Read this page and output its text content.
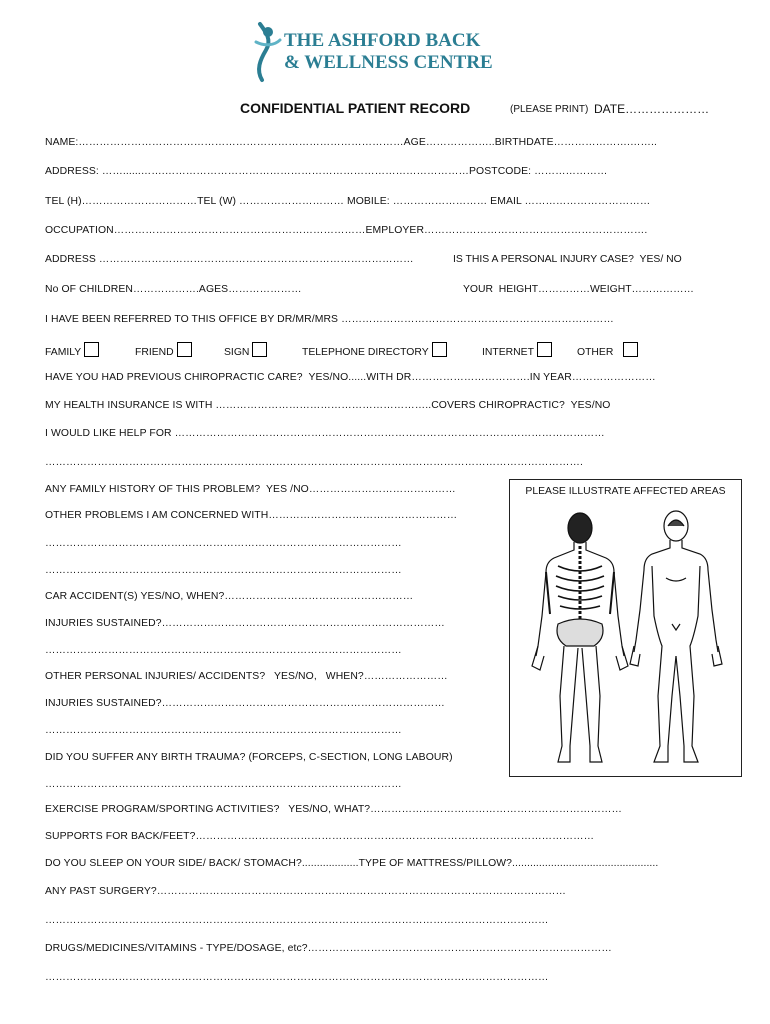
THE ASHFORD BACK
& WELLNESS CENTRE
CONFIDENTIAL PATIENT RECORD	(PLEASE PRINT) DATE…………………
NAME:…………………………………………………………………………………AGE………………..BIRTHDATE………………….……..
ADDRESS: ……......…….……………………………………………………………………………POSTCODE: …………………
TEL (H)……………………………TEL (W) ………………………… MOBILE: ……………………… EMAIL ………………………………
OCCUPATION………………………………………………………………EMPLOYER……………………………………………………….
ADDRESS ………………………………………………………………………………	IS THIS A PERSONAL INJURY CASE?  YES/ NO
No OF CHILDREN……………….AGES…………………	YOUR  HEIGHT……………WEIGHT………………
I HAVE BEEN REFERRED TO THIS OFFICE BY DR/MR/MRS ……………………………………………………………………
FAMILY	FRIEND	SIGN	TELEPHONE DIRECTORY	INTERNET	OTHER
HAVE YOU HAD PREVIOUS CHIROPRACTIC CARE?  YES/NO......WITH DR…………………………….IN YEAR……………………
MY HEALTH INSURANCE IS WITH ……………………………………………………..COVERS CHIROPRACTIC?  YES/NO
I WOULD LIKE HELP FOR ……………………………………………………………………………………………………………
……………………………………………………………………………………………………………………………………….
ANY FAMILY HISTORY OF THIS PROBLEM?  YES /NO……………………………………
OTHER PROBLEMS I AM CONCERNED WITH………………………………………………
…………………………………………………………………………………………
…………………………………………………………………………………………
CAR ACCIDENT(S) YES/NO, WHEN?………………………………………………
INJURIES SUSTAINED?………………………………………………………………………
…………………………………………………………………………………………
OTHER PERSONAL INJURIES/ ACCIDENTS?   YES/NO,   WHEN?……………………
INJURIES SUSTAINED?………………………………………………………………………
…………………………………………………………………………………………
DID YOU SUFFER ANY BIRTH TRAUMA? (FORCEPS, C-SECTION, LONG LABOUR)
…………………………………………………………………………………………
EXERCISE PROGRAM/SPORTING ACTIVITIES?   YES/NO, WHAT?………………………………………………………………
SUPPORTS FOR BACK/FEET?……………………………………………………………………………………………………
DO YOU SLEEP ON YOUR SIDE/ BACK/ STOMACH?...................TYPE OF MATTRESS/PILLOW?.................................................
ANY PAST SURGERY?………………………………………………………………………………………………………
………………………………………………………………………………………………………………………………
DRUGS/MEDICINES/VITAMINS - TYPE/DOSAGE, etc?……………………………………………………………………………
………………………………………………………………………………………………………………………………
PLEASE ILLUSTRATE AFFECTED AREAS
